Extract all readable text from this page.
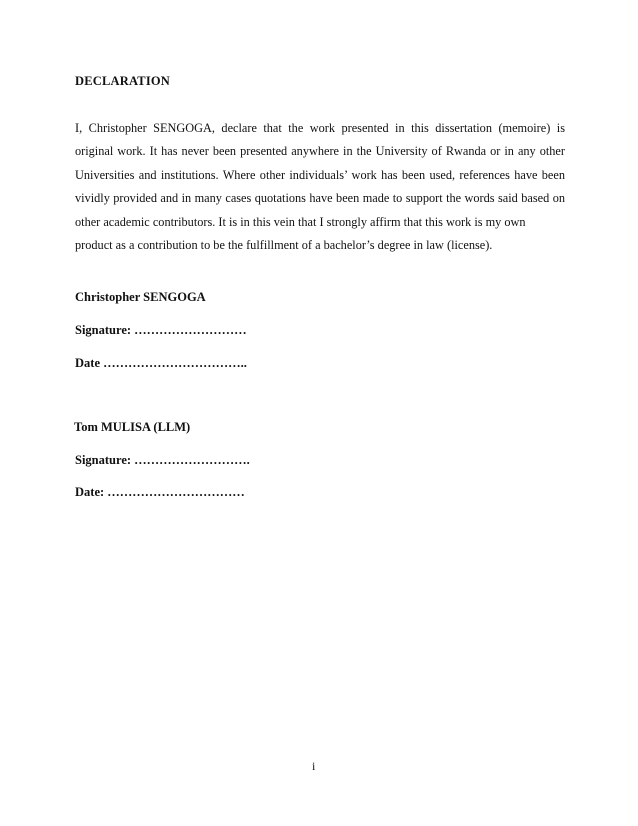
DECLARATION
I, Christopher SENGOGA, declare that the work presented in this dissertation (memoire) is original work. It has never been presented anywhere in the University of Rwanda or in any other Universities and institutions. Where other individuals’ work has been used, references have been vividly provided and in many cases quotations have been made to support the words said based on other academic contributors. It is in this vein that I strongly affirm that this work is my own
product as a contribution to be the fulfillment of a bachelor’s degree in law (license).
Christopher SENGOGA
Signature: ………………………
Date ……………………………..
Tom MULISA (LLM)
Signature: ……………………….
Date: ……………………………
i
